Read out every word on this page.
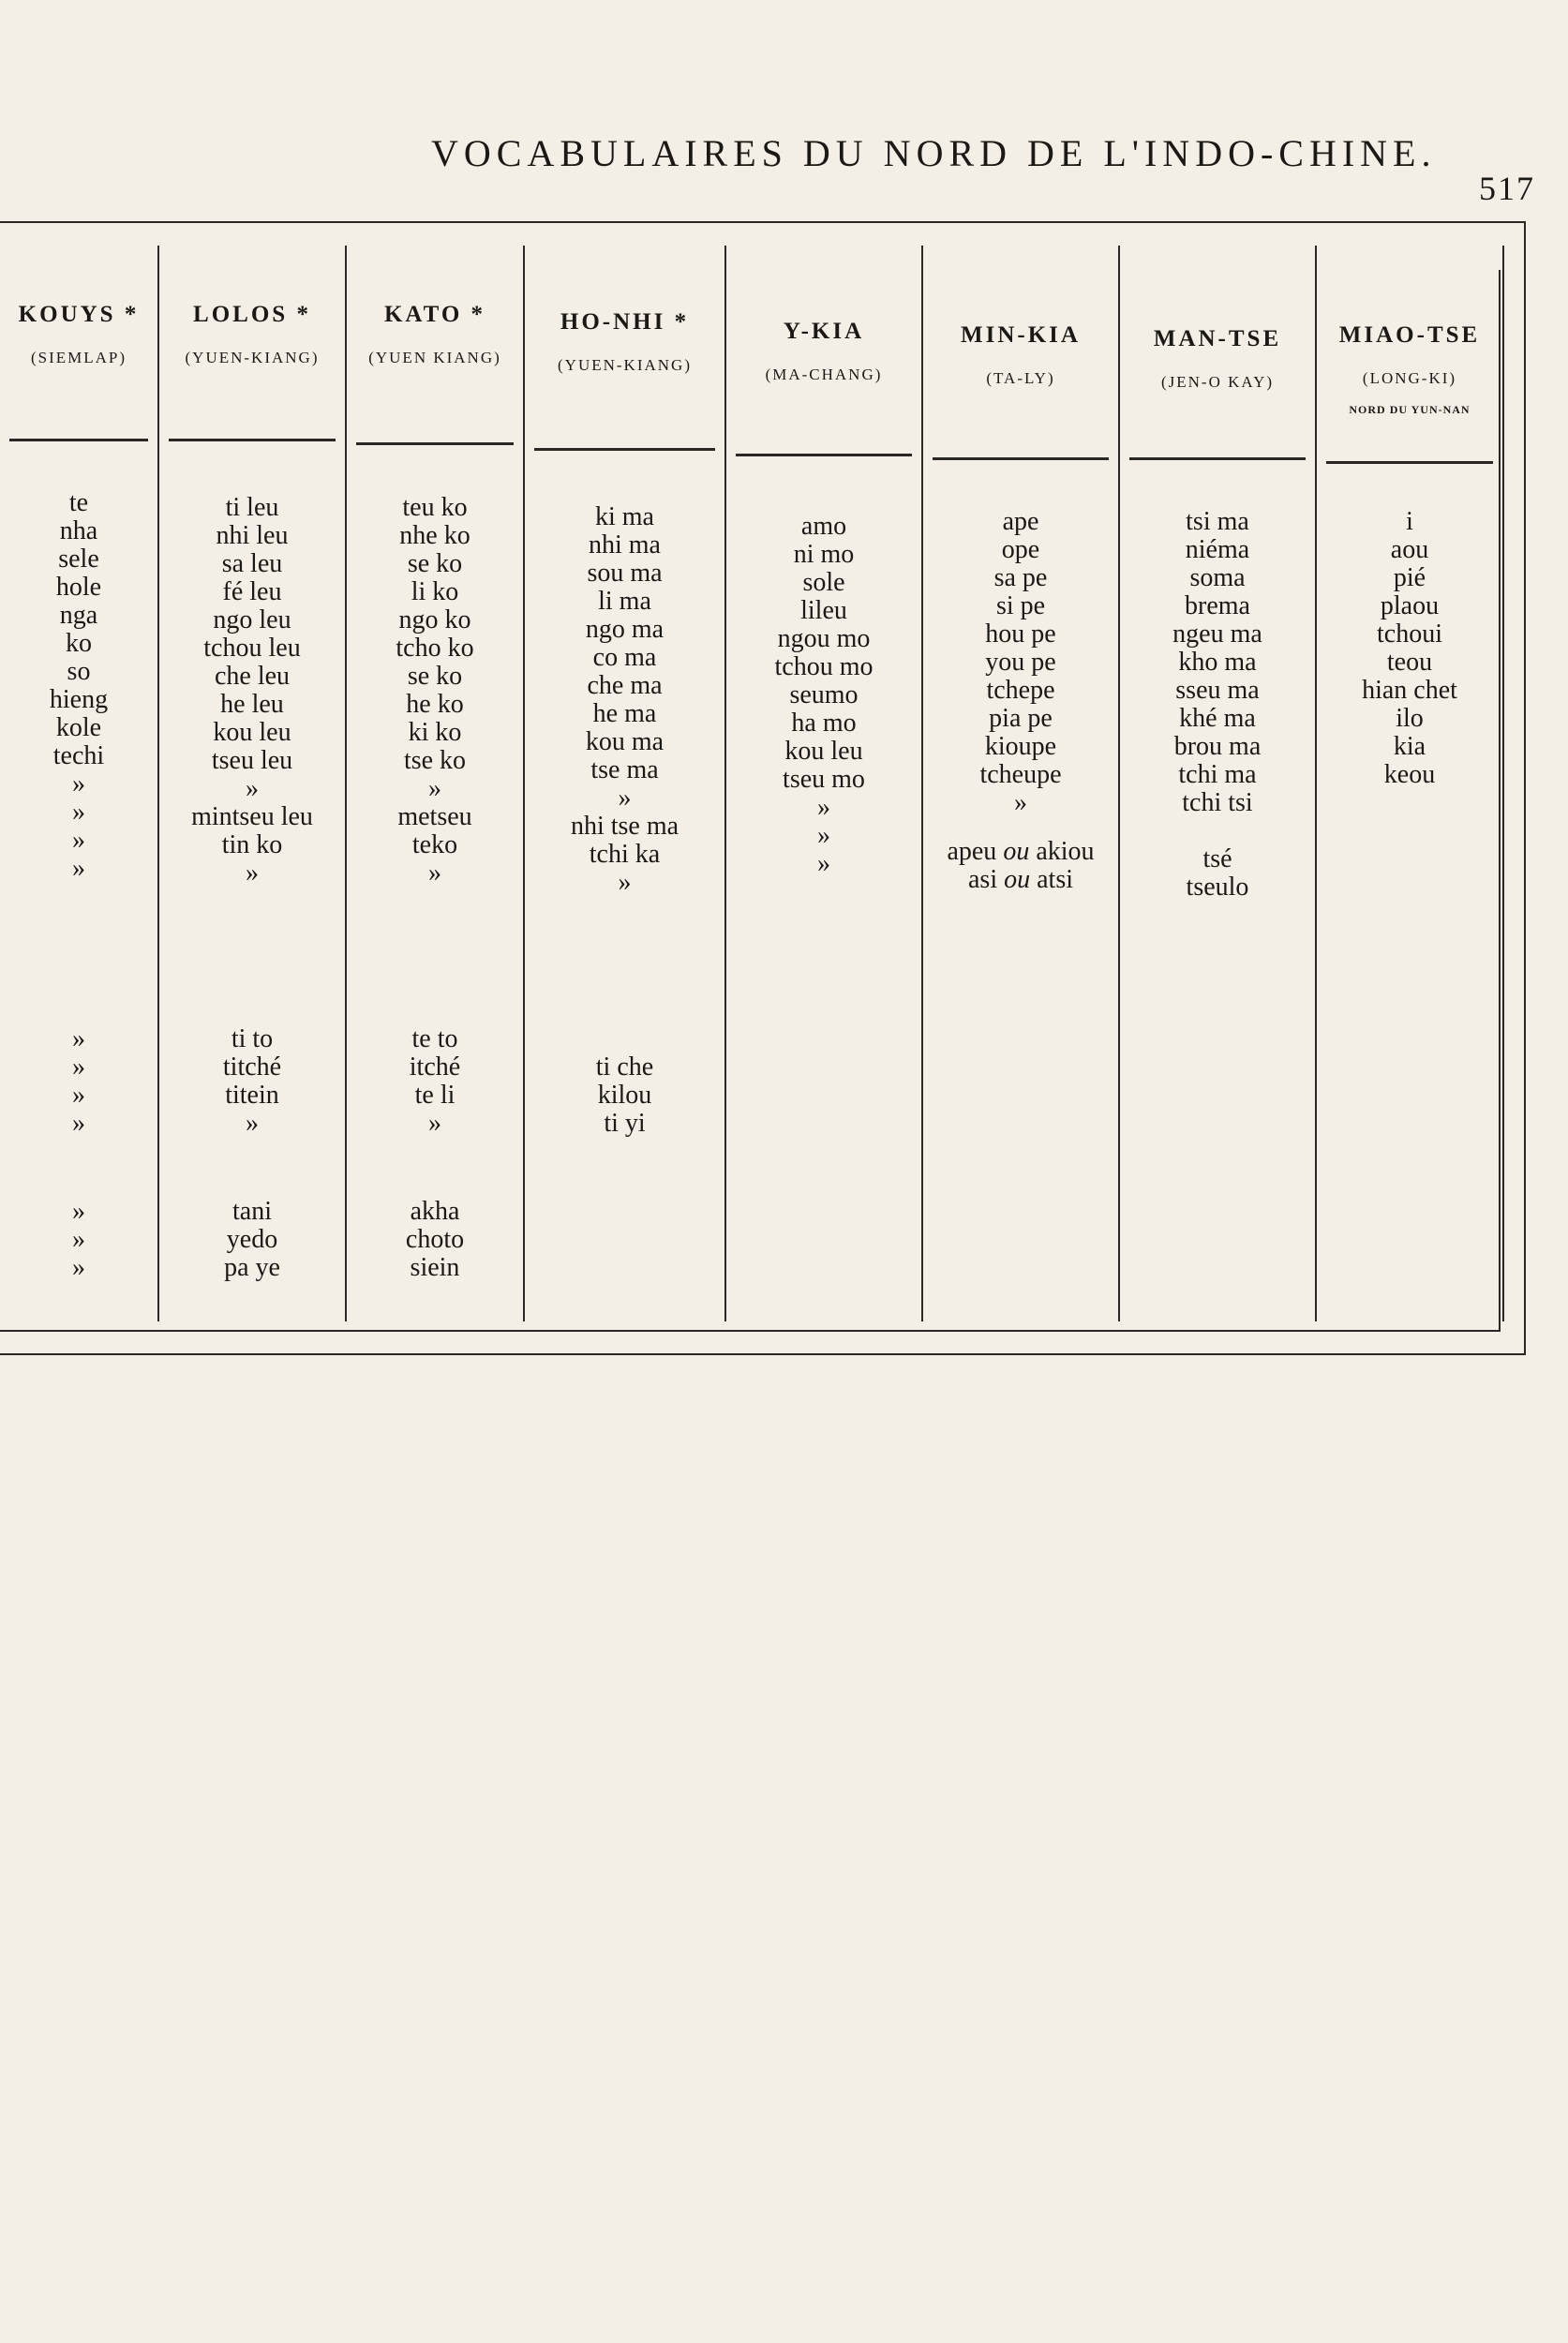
VOCABULAIRES DU NORD DE L'INDO-CHINE.
517
KOUYS *
(SIEMLAP)
te
nha
sele
hole
nga
ko
so
hieng
kole
techi
»
»
»
»
»
»
»
»
»
»
»
LOLOS *
(YUEN-KIANG)
ti leu
nhi leu
sa leu
fé leu
ngo leu
tchou leu
che leu
he leu
kou leu
tseu leu
»
mintseu leu
tin ko
»
ti to
titché
titein
»
tani
yedo
pa ye
KATO *
(YUEN KIANG)
teu ko
nhe ko
se ko
li ko
ngo ko
tcho ko
se ko
he ko
ki ko
tse ko
»
metseu
teko
»
te to
itché
te li
»
akha
choto
siein
HO-NHI *
(YUEN-KIANG)
ki ma
nhi ma
sou ma
li ma
ngo ma
co ma
che ma
he ma
kou ma
tse ma
»
nhi tse ma
tchi ka
»
ti che
kilou
ti yi
Y-KIA
(MA-CHANG)
amo
ni mo
sole
lileu
ngou mo
tchou mo
seumo
ha mo
kou leu
tseu mo
»
»
»
MIN-KIA
(TA-LY)
ape
ope
sa pe
si pe
hou pe
you pe
tchepe
pia pe
kioupe
tcheupe
»
apeu ou akiou
asi ou atsi
MAN-TSE
(JEN-O KAY)
tsi ma
niéma
soma
brema
ngeu ma
kho ma
sseu ma
khé ma
brou ma
tchi ma
tchi tsi
tsé
tseulo
MIAO-TSE
(LONG-KI)
NORD DU YUN-NAN
i
aou
pié
plaou
tchoui
teou
hian chet
ilo
kia
keou
